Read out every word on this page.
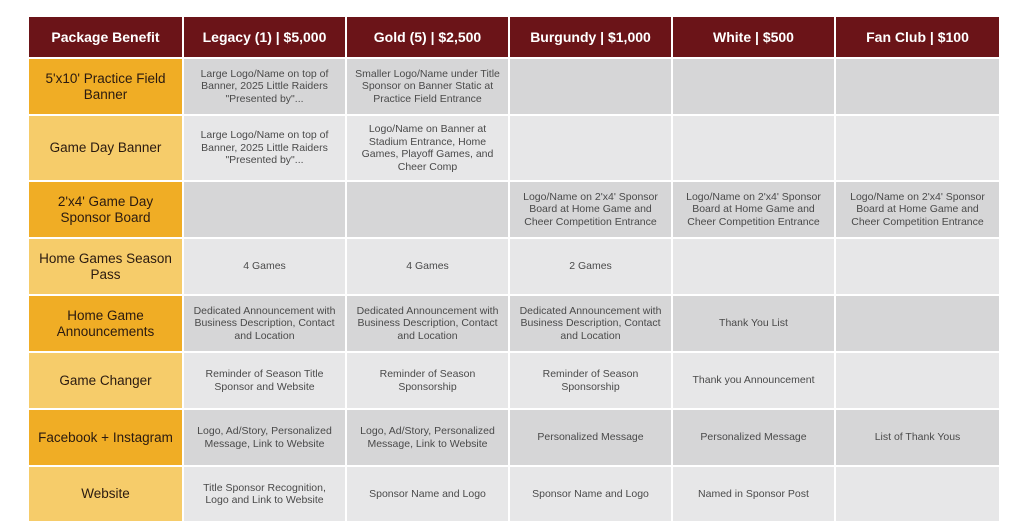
Package Benefit	Legacy (1) | $5,000	Gold (5) | $2,500	Burgundy | $1,000	White | $500	Fan Club | $100
5'x10' Practice Field Banner	Large Logo/Name on top of Banner, 2025 Little Raiders "Presented by"...	Smaller Logo/Name under Title Sponsor on Banner Static at Practice Field Entrance			
Game Day Banner	Large Logo/Name on top of Banner, 2025 Little Raiders "Presented by"...	Logo/Name on Banner at Stadium Entrance, Home Games, Playoff Games, and Cheer Comp			
2'x4' Game Day Sponsor Board			Logo/Name on 2'x4' Sponsor Board at Home Game and Cheer Competition Entrance	Logo/Name on 2'x4' Sponsor Board at Home Game and Cheer Competition Entrance	Logo/Name on 2'x4' Sponsor Board at Home Game and Cheer Competition Entrance
Home Games Season Pass	4 Games	4 Games	2 Games		
Home Game Announcements	Dedicated Announcement with Business Description, Contact and Location	Dedicated Announcement with Business Description, Contact and Location	Dedicated Announcement with Business Description, Contact and Location	Thank You List	
Game Changer	Reminder of Season Title Sponsor and Website	Reminder of Season Sponsorship	Reminder of Season Sponsorship	Thank you Announcement	
Facebook + Instagram	Logo, Ad/Story, Personalized Message, Link to Website	Logo, Ad/Story, Personalized Message, Link to Website	Personalized Message	Personalized Message	List of Thank Yous
Website	Title Sponsor Recognition, Logo and Link to Website	Sponsor Name and Logo	Sponsor Name and Logo	Named in Sponsor Post	
